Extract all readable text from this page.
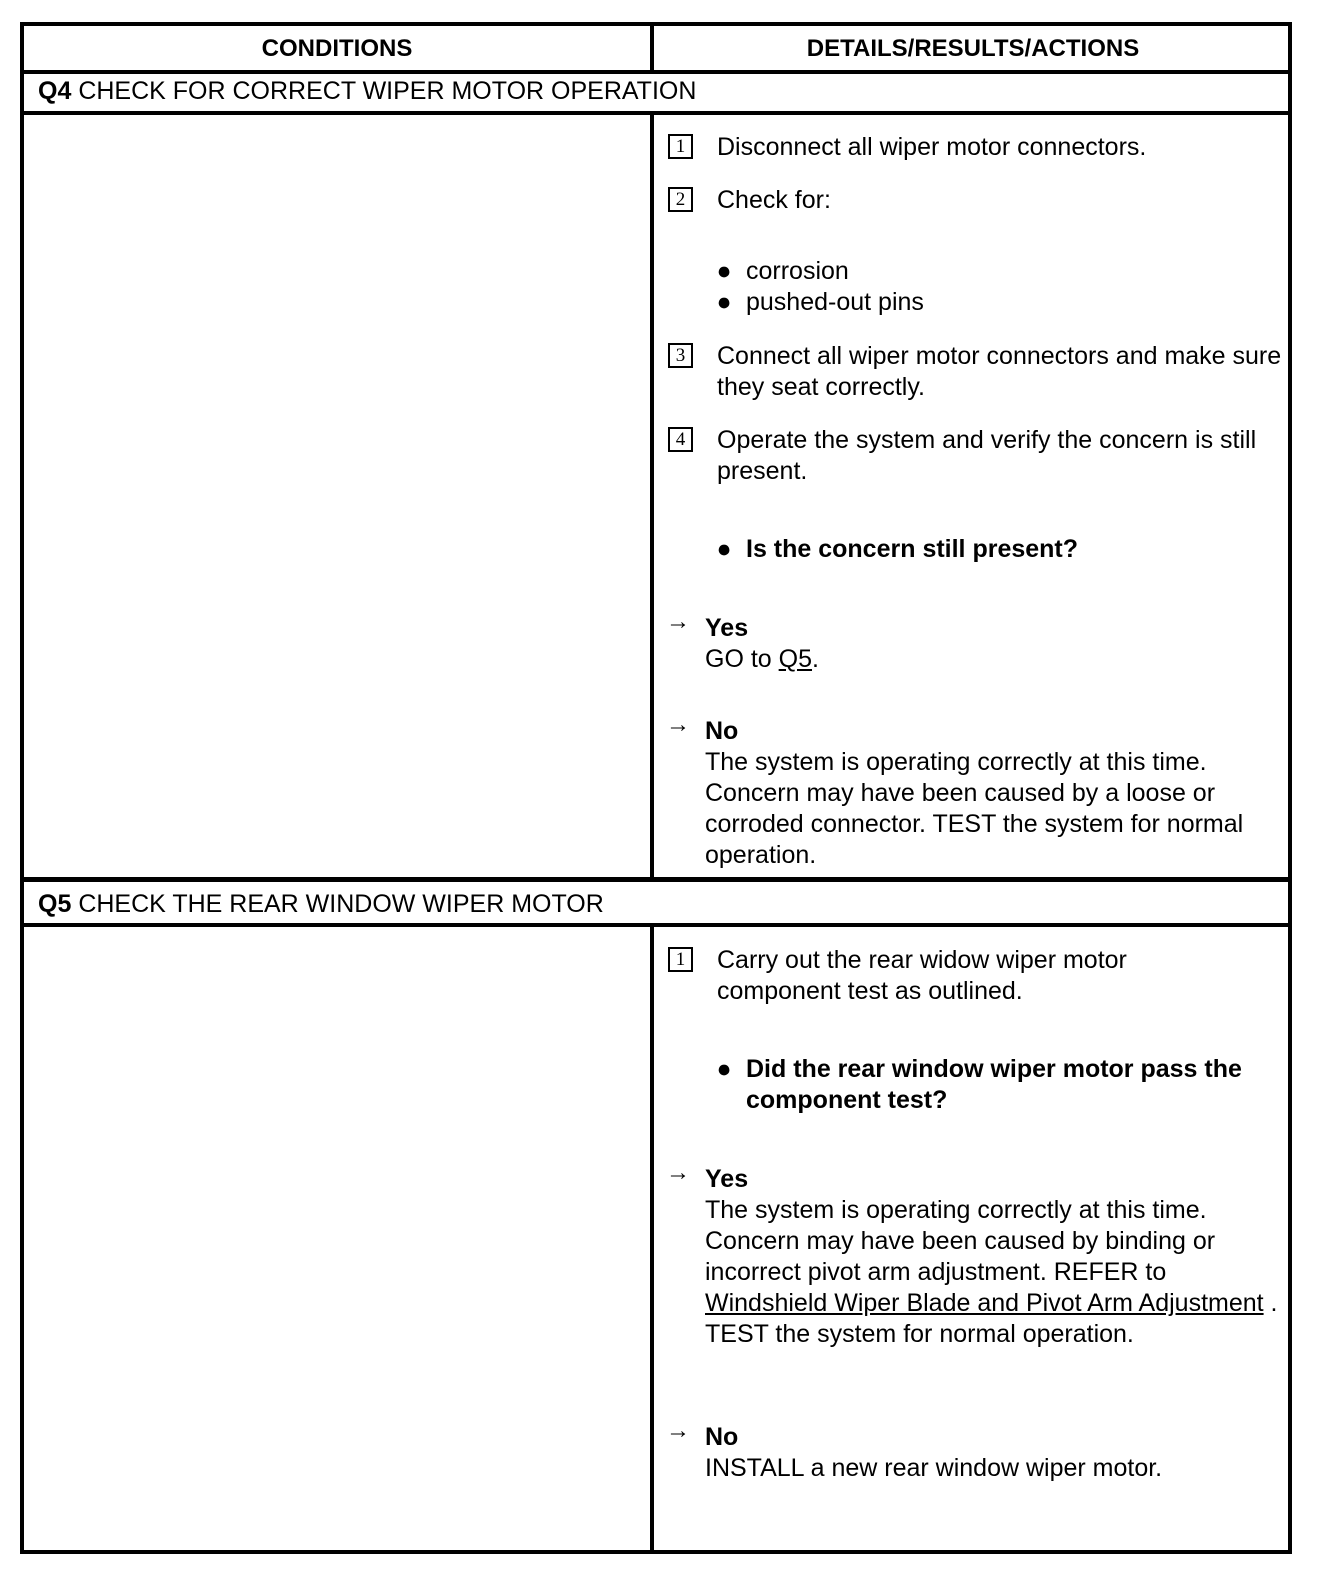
CONDITIONS	DETAILS/RESULTS/ACTIONS
Q4 CHECK FOR CORRECT WIPER MOTOR OPERATION
1	Disconnect all wiper motor connectors.
2	Check for:
● corrosion
● pushed-out pins
3	Connect all wiper motor connectors and make sure they seat correctly.
4	Operate the system and verify the concern is still present.
● Is the concern still present?
→ Yes
GO to Q5.
→ No
The system is operating correctly at this time. Concern may have been caused by a loose or corroded connector. TEST the system for normal operation.
Q5 CHECK THE REAR WINDOW WIPER MOTOR
1	Carry out the rear widow wiper motor component test as outlined.
● Did the rear window wiper motor pass the component test?
→ Yes
The system is operating correctly at this time. Concern may have been caused by binding or incorrect pivot arm adjustment. REFER to Windshield Wiper Blade and Pivot Arm Adjustment . TEST the system for normal operation.
→ No
INSTALL a new rear window wiper motor.
